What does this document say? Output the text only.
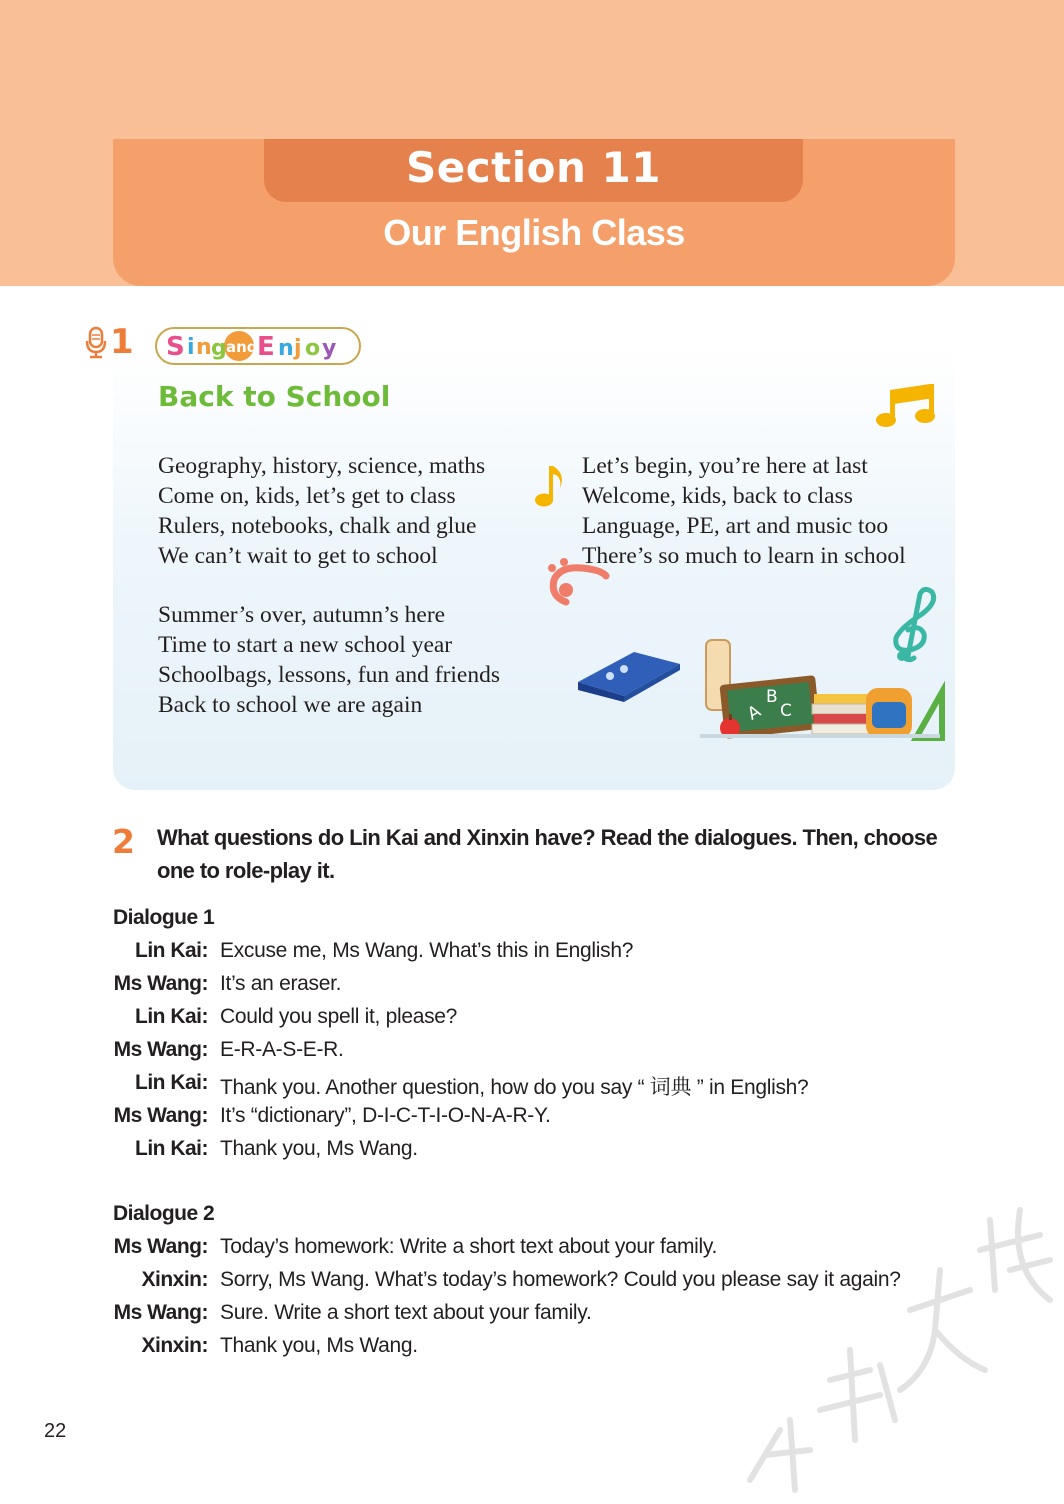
Section 11
Our English Class
1 S i n g and E n j o y
Back to School
Geography, history, science, maths
Come on, kids, let’s get to class
Rulers, notebooks, chalk and glue
We can’t wait to get to school
Let’s begin, you’re here at last
Welcome, kids, back to class
Language, PE, art and music too
There’s so much to learn in school
Summer’s over, autumn’s here
Time to start a new school year
Schoolbags, lessons, fun and friends
Back to school we are again	A
B
C
2 What questions do Lin Kai and Xinxin have? Read the dialogues. Then, choose one to role-play it.
Dialogue 1
Lin Kai: Excuse me, Ms Wang. What’s this in English?
Ms Wang: It’s an eraser.
Lin Kai: Could you spell it, please?
Ms Wang: E-R-A-S-E-R.
Lin Kai: Thank you. Another question, how do you say “ 词典 ” in English?
Ms Wang: It’s “dictionary”, D-I-C-T-I-O-N-A-R-Y.
Lin Kai: Thank you, Ms Wang.
Dialogue 2
Ms Wang: Today’s homework: Write a short text about your family.
Xinxin: Sorry, Ms Wang. What’s today’s homework? Could you please say it again?
Ms Wang: Sure. Write a short text about your family.
Xinxin: Thank you, Ms Wang.
22
